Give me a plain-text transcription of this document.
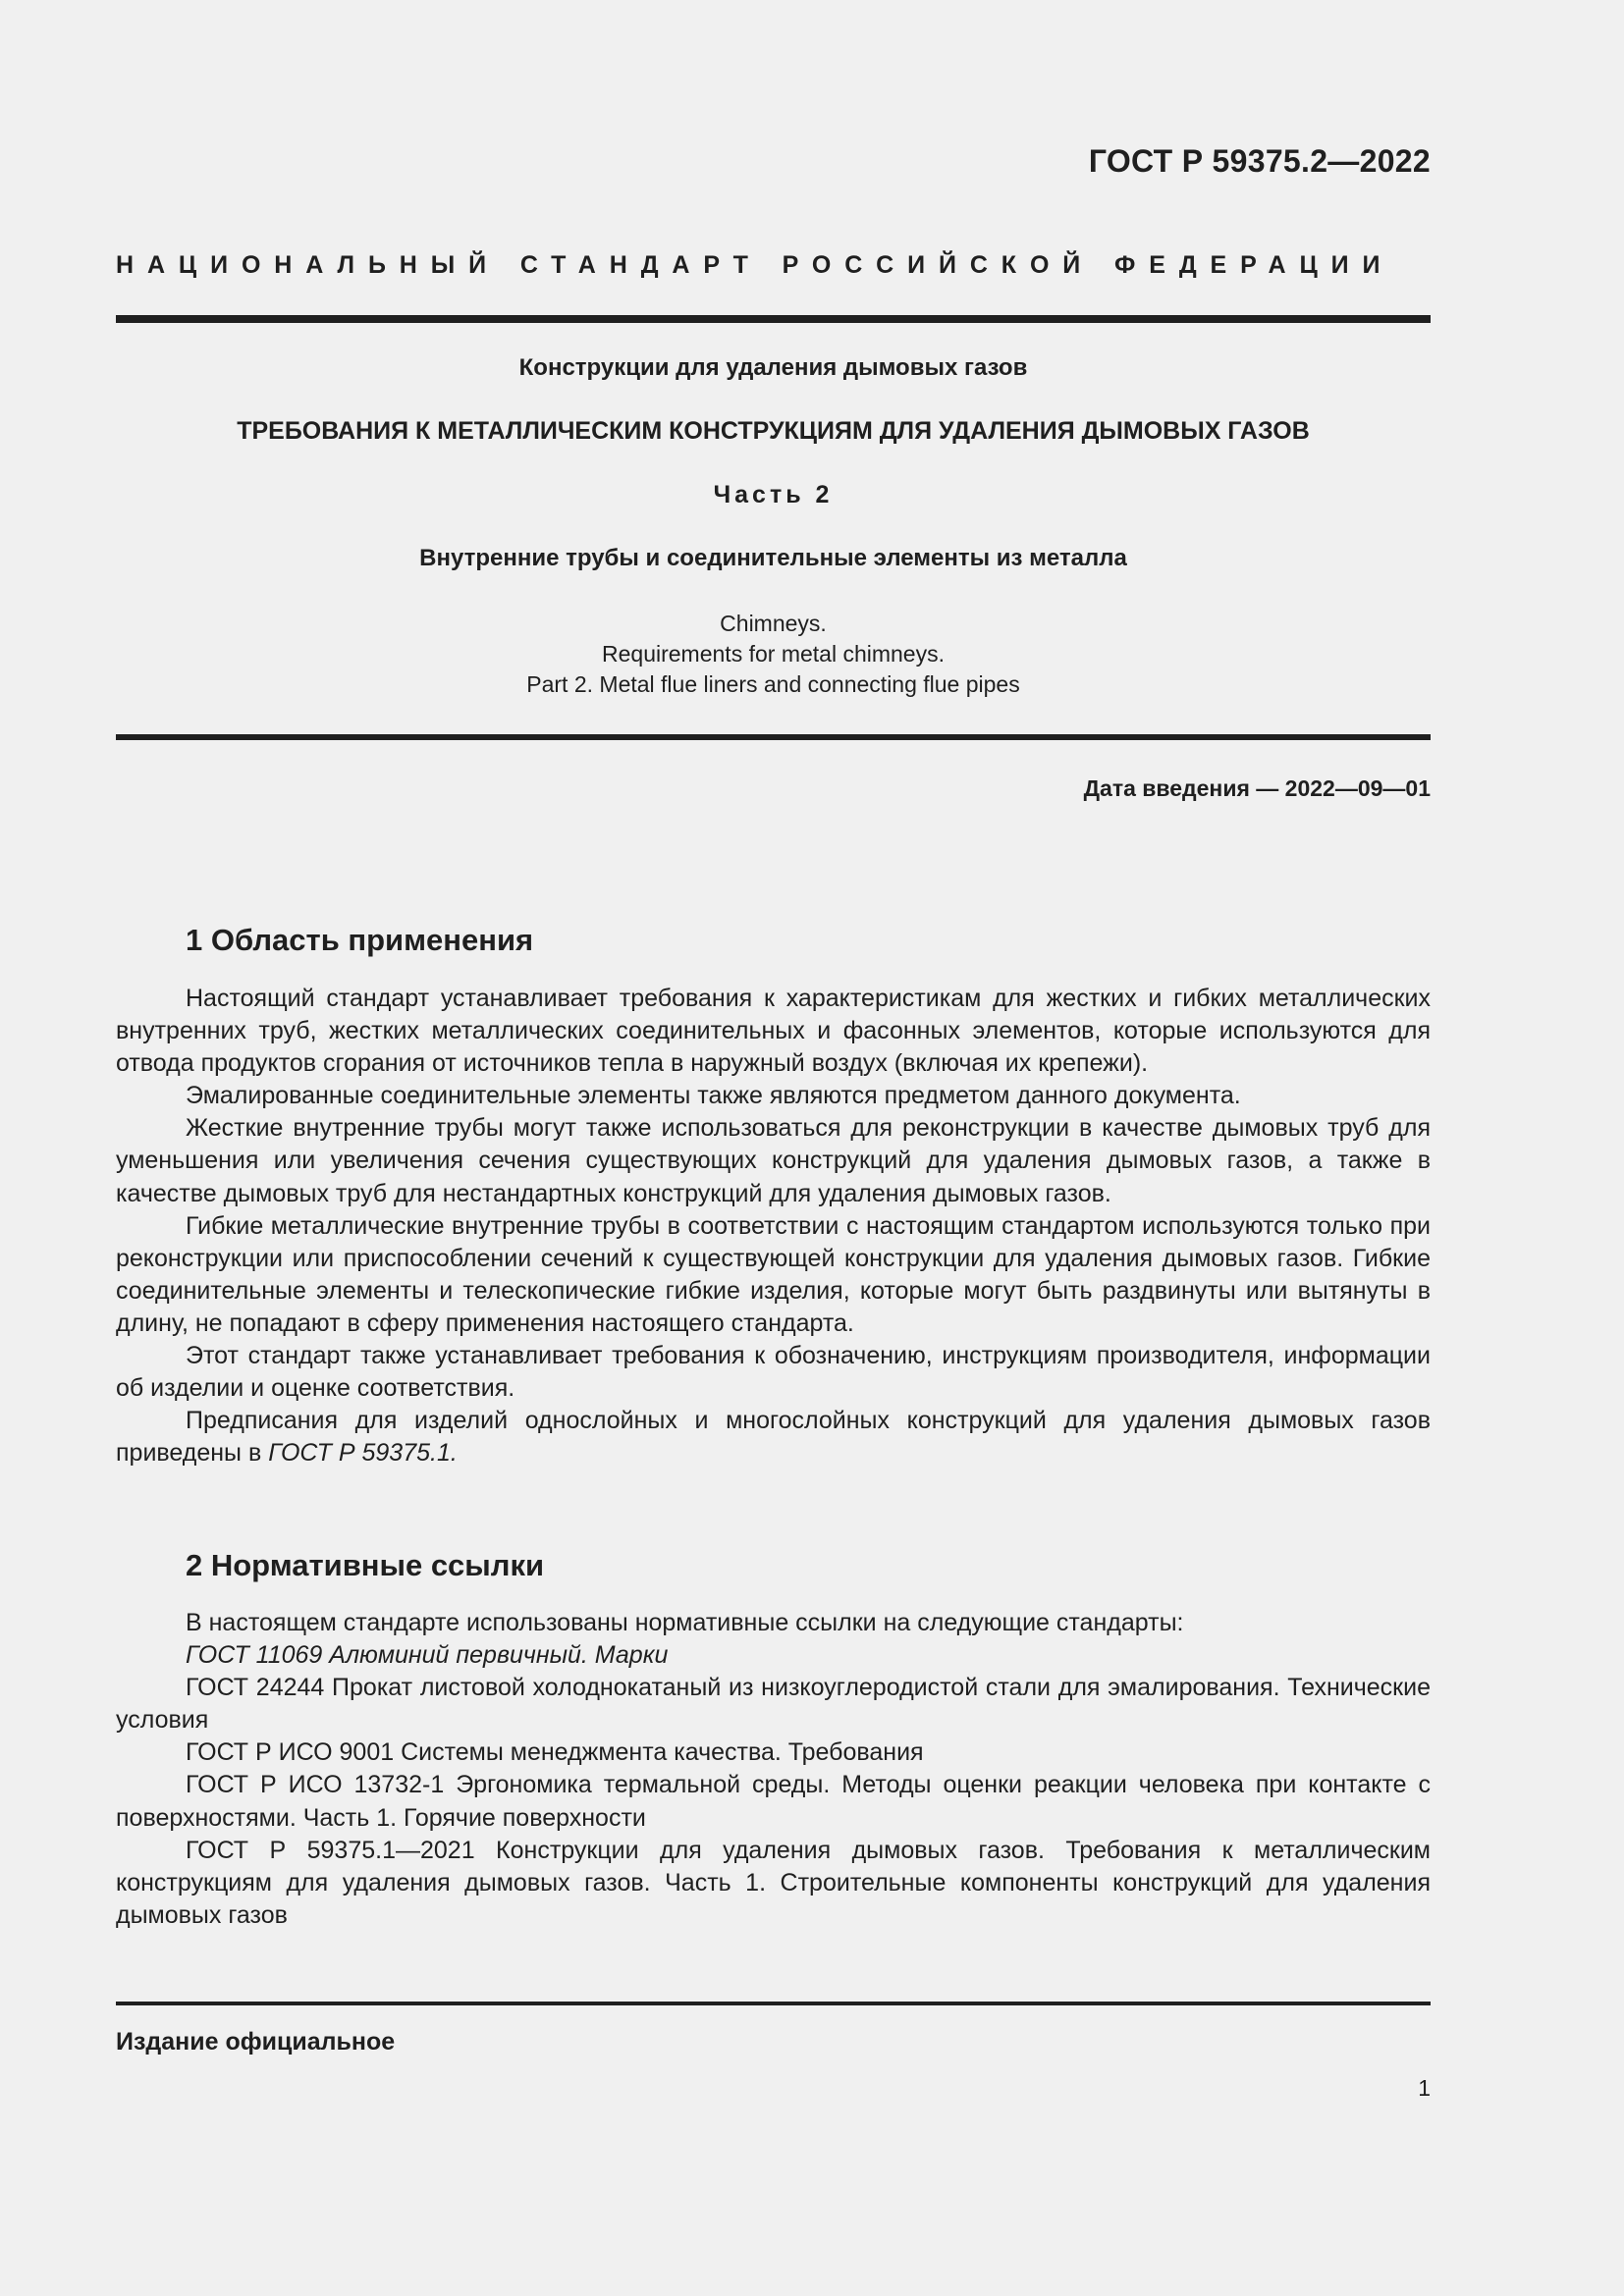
ГОСТ Р 59375.2—2022
НАЦИОНАЛЬНЫЙ СТАНДАРТ РОССИЙСКОЙ ФЕДЕРАЦИИ
Конструкции для удаления дымовых газов
ТРЕБОВАНИЯ К МЕТАЛЛИЧЕСКИМ КОНСТРУКЦИЯМ ДЛЯ УДАЛЕНИЯ ДЫМОВЫХ ГАЗОВ
Часть 2
Внутренние трубы и соединительные элементы из металла
Chimneys.
Requirements for metal chimneys.
Part 2. Metal flue liners and connecting flue pipes
Дата введения — 2022—09—01
1 Область применения

Настоящий стандарт устанавливает требования к характеристикам для жестких и гибких металлических внутренних труб, жестких металлических соединительных и фасонных элементов, которые используются для отвода продуктов сгорания от источников тепла в наружный воздух (включая их крепежи).

Эмалированные соединительные элементы также являются предметом данного документа.

Жесткие внутренние трубы могут также использоваться для реконструкции в качестве дымовых труб для уменьшения или увеличения сечения существующих конструкций для удаления дымовых газов, а также в качестве дымовых труб для нестандартных конструкций для удаления дымовых газов.

Гибкие металлические внутренние трубы в соответствии с настоящим стандартом используются только при реконструкции или приспособлении сечений к существующей конструкции для удаления дымовых газов. Гибкие соединительные элементы и телескопические гибкие изделия, которые могут быть раздвинуты или вытянуты в длину, не попадают в сферу применения настоящего стандарта.

Этот стандарт также устанавливает требования к обозначению, инструкциям производителя, информации об изделии и оценке соответствия.

Предписания для изделий однослойных и многослойных конструкций для удаления дымовых газов приведены в ГОСТ Р 59375.1.

2 Нормативные ссылки

В настоящем стандарте использованы нормативные ссылки на следующие стандарты:

ГОСТ 11069 Алюминий первичный. Марки

ГОСТ 24244 Прокат листовой холоднокатаный из низкоуглеродистой стали для эмалирования. Технические условия

ГОСТ Р ИСО 9001 Системы менеджмента качества. Требования

ГОСТ Р ИСО 13732-1 Эргономика термальной среды. Методы оценки реакции человека при контакте с поверхностями. Часть 1. Горячие поверхности

ГОСТ Р 59375.1—2021 Конструкции для удаления дымовых газов. Требования к металлическим конструкциям для удаления дымовых газов. Часть 1. Строительные компоненты конструкций для удаления дымовых газов

Издание официальное
1
